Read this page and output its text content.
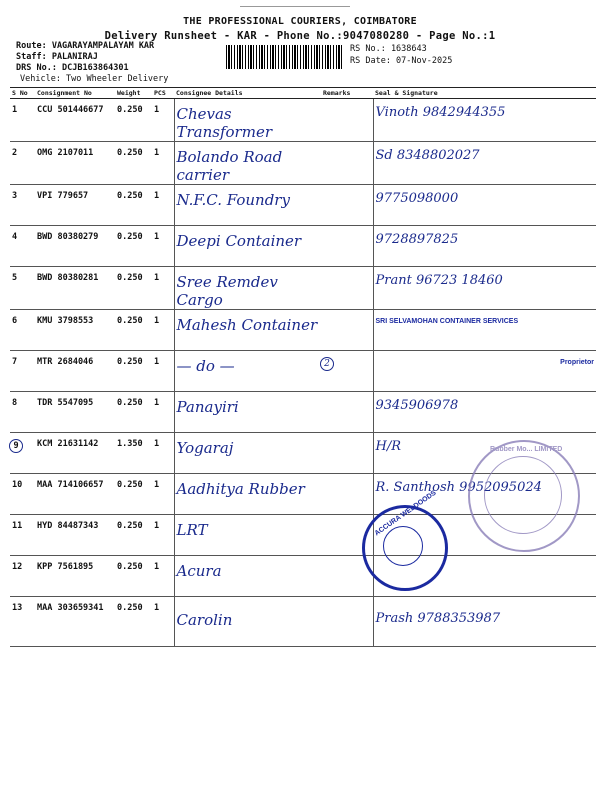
THE PROFESSIONAL COURIERS, COIMBATORE
Delivery Runsheet - KAR - Phone No.:9047080280 - Page No.:1
Route: VAGARAYAMPALAYAM KAR
Staff: PALANIRAJ
DRS No.: DCJB163864301
Vehicle: Two Wheeler Delivery
RS No.: 1638643
RS Date: 07-Nov-2025
S No	Consignment No	Weight	PCS	Consignee Details	Remarks	Seal & Signature
1	CCU 501446677	0.250	1	Chevas Transformer		Vinoth 9842944355
2	OMG 2107011	0.250	1	Bolando Road carrier		Sd 8348802027
3	VPI 779657	0.250	1	N.F.C. Foundry		9775098000
4	BWD 80380279	0.250	1	Deepi Container		9728897825
5	BWD 80380281	0.250	1	Sree Remdev Cargo		Prant 96723 18460
6	KMU 3798553	0.250	1	Mahesh Container		SRI SELVAMOHAN CONTAINER SERVICES
7	MTR 2684046	0.250	1	— do —	2	Proprietor
8	TDR 5547095	0.250	1	Panayiri		9345906978
9	KCM 21631142	1.350	1	Yogaraj		H/R
10	MAA 714106657	0.250	1	Aadhitya Rubber		R. Santhosh 9952095024
11	HYD 84487343	0.250	1	LRT		
12	KPP 7561895	0.250	1	Acura		
13	MAA 303659341	0.250	1	Carolin		Prash 9788353987
ACCURA WELDOODS
Rubber Mo... LIMITED
